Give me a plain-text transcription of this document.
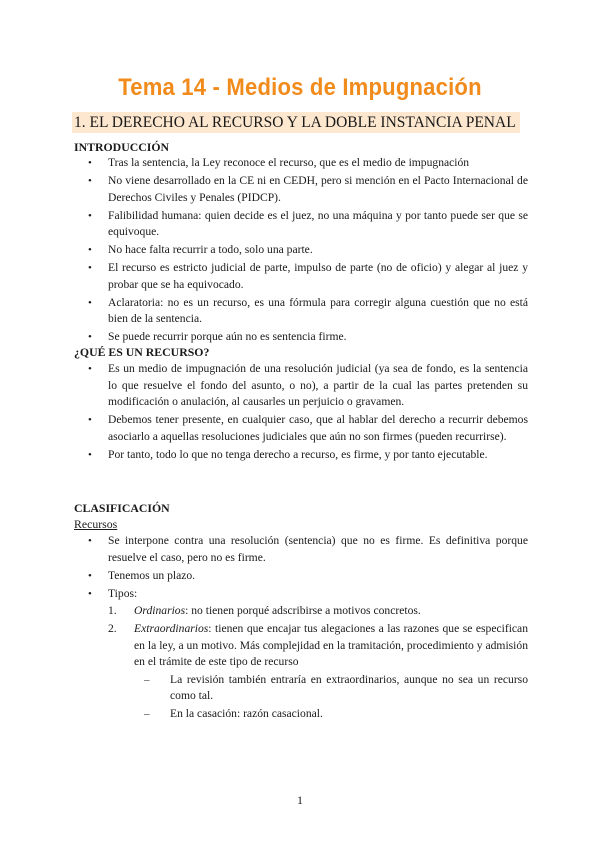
Tema 14 - Medios de Impugnación
1. EL DERECHO AL RECURSO Y LA DOBLE INSTANCIA PENAL
INTRODUCCIÓN
• Tras la sentencia, la Ley reconoce el recurso, que es el medio de impugnación
• No viene desarrollado en la CE ni en CEDH, pero si mención en el Pacto Internacional de Derechos Civiles y Penales (PIDCP).
• Falibilidad humana: quien decide es el juez, no una máquina y por tanto puede ser que se equivoque.
• No hace falta recurrir a todo, solo una parte.
• El recurso es estricto judicial de parte, impulso de parte (no de oficio) y alegar al juez y probar que se ha equivocado.
• Aclaratoria: no es un recurso, es una fórmula para corregir alguna cuestión que no está bien de la sentencia.
• Se puede recurrir porque aún no es sentencia firme.
¿QUÉ ES UN RECURSO?
• Es un medio de impugnación de una resolución judicial (ya sea de fondo, es la sentencia lo que resuelve el fondo del asunto, o no), a partir de la cual las partes pretenden su modificación o anulación, al causarles un perjuicio o gravamen.
• Debemos tener presente, en cualquier caso, que al hablar del derecho a recurrir debemos asociarlo a aquellas resoluciones judiciales que aún no son firmes (pueden recurrirse).
• Por tanto, todo lo que no tenga derecho a recurso, es firme, y por tanto ejecutable.
CLASIFICACIÓN
Recursos
• Se interpone contra una resolución (sentencia) que no es firme. Es definitiva porque resuelve el caso, pero no es firme.
• Tenemos un plazo.
• Tipos:
1. Ordinarios: no tienen porqué adscribirse a motivos concretos.
2. Extraordinarios: tienen que encajar tus alegaciones a las razones que se especifican en la ley, a un motivo. Más complejidad en la tramitación, procedimiento y admisión en el trámite de este tipo de recurso
– La revisión también entraría en extraordinarios, aunque no sea un recurso como tal.
– En la casación: razón casacional.
1
